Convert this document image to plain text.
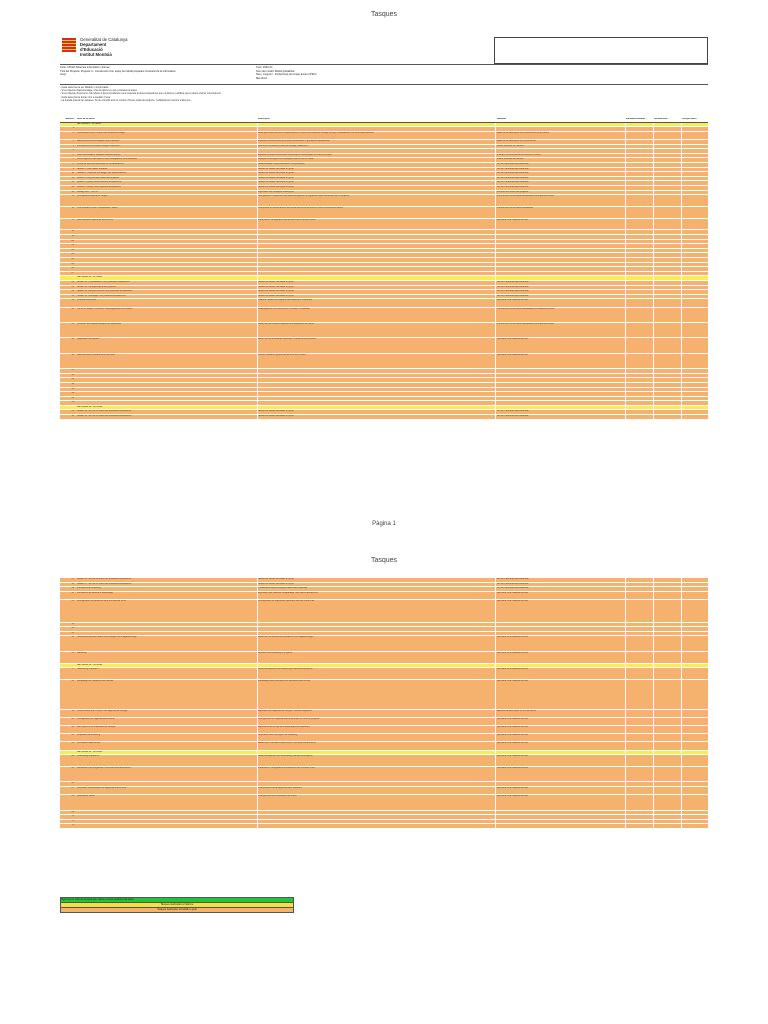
Tasques
Generalitat de Catalunya
Departament
d'Educació
Institut Montsiá
Cicle: CFGM Sistemes informàtics i Xarxes
Títol del Projecte: Projecte 4 - Construcció d'un equip de treball preparant l'evolució de la informàtica
Grup:
Curs: 2023-24
Nom del mòdul: Mòdul globalitzat
Nom, Cognom - Professor/a de l'equip docent (PEO)
Membres:
- Cada tasca ha de ser llistable i comprovable.
- Si és objectiu d'aprenentatge, s'ha d'explicar en què consisteix la tasca.
- Si és objectiu d'execució, cal indicar el tipus d'evidència i una resposta al desenvolupament que es farà per justificar que la tasca s'ha fet correctament.
- Cada tasca ha de donar com a resultat 1 hora.
- La durada total de les tasques, ha de coincidir amb el nombre d'hores totals del projecte, multiplicat pel nombre d'alumnes.
Número Nom de la tasca	Descripció	Resultat	Durada Estimada	Durada Real	Comprovació
SETMANA 8 - 16 hores
1
2 Comunicació amb l'entorn de treball de Google	Descripció dels elements disponibles en l'entorn de treball de Google (Gmail). Familiaritzar-nos amb aquesta eina	Elaborar la descripció en format tècnic de les eines
3 Identificació de les tasques dels individus	Explicació de les eines de treball col·laboratiu i què aporta cadascuna	Elaborar la descripció en format tècnic
4 Introducció al concepte Google Classroom	Aprendre a utilitzar el sistema Google Classroom	Lliurar a través de Moodle
5
6 Usos comunitaris, tasques i hàbits de grup	Explicar la relació entre usos comunitaris i dinàmiques de treball en grup	Indicar l'ús correcte de les eines en l'entorn
7 La configuració de cada un dels navegadors més habituals	Guia per a configurar un navegador per a l'ús en l'aula	Lliurar a través de Moodle
8 Provar la interfície personal en les aplicacions	Desenvolupar una presentació i una proposta	No se'n demana cap evidència
9 Sessió 1: Com saber treballar	Sessió de treball: activitats en grup	No se'n demana cap evidència
10 Sessió 2: Tasca de muntatge i les presentacions	Sessió de treball: activitats en grup	No se'n demana cap evidència
11 Sessió 3: Les primeres fases del projecte	Sessió de treball: activitats en grup	No se'n demana cap evidència
12 Sessió 4: Avenç i les possibles ampliacions	Sessió de treball: activitats en grup	No se'n demana cap evidència
13 Sessió 5: Avenç i les possibles ampliacions	Sessió de treball: activitats en grup	No se'n demana cap evidència
14 Assaig MBI / TCP/IP	Explicació del concepte d'adreça IP	Informe de l'avenç del projecte
15 Configuració bàsica de l'equip	Configuració i instal·lació del sistema operatiu i programari bàsic necessari per al projecte	Informe de la informació destacada una mateixa tècnica
16 Comprovació DNS i components "Bàsic"	Comprovar el funcionament del servei de noms de domini i dels components bàsics	Informe de la informació destacada
17 Administració bàsica de DNS Linux	Instal·lació i configuració del servei DNS en entorn Linux	Aportació una mateixa tècnica
18
19
20
21
22
23
24
25
26
27
SETMANA 11 - 16 hores
28 Sessió 10: Consolidació i les possibles ampliacions	Sessió de treball: activitats en grup	No se'n demana cap evidència
29 Sessió 11: Càrrega lògica del projecte	Sessió de treball: activitats en grup	No se'n demana cap evidència
30 Sessió 12: Revisió d'errors i les possibles ampliacions	Sessió de treball: activitats en grup	No se'n demana cap evidència
31 Sessió 13: Muntatge i les possibles ampliacions	Sessió de treball: activitats en grup	No se'n demana cap evidència
32 Pràctica Wireshark	Captura i anàlisi de paquets de xarxa amb Wireshark	Aportació una mateixa tècnica
33 Joc en el temps: Formació i desplegament d'un domini	Desplegament d'un domini en un entorn virtualitzat	Informe de la informació destacada una mateixa tècnica
34 Conèixer les característiques de dispositius	Estudi de les característiques dels dispositius de xarxa	Informe de la informació destacada una mateixa tècnica
35 Seguretat informàtica	Estudi de les amenaces habituals i mesures de protecció	Aportació una mateixa tècnica
36 Administració d'usuaris amb terminal	Gestió d'usuaris i grups des de la línia d'ordres	Aportació una mateixa tècnica
37
38
39
40
41
42
43
44
SETMANA 12 - 16 hores
45 Sessió 14: Joc de rol sobre les possibles ampliacions	Sessió de treball: activitats en grup	No se'n demana cap evidència
46 Sessió 15: Joc de rol sobre les possibles ampliacions	Sessió de treball: activitats en grup	No se'n demana cap evidència
Pàgina 1
Tasques
47 Sessió 16: Joc de rol sobre les possibles ampliacions	Sessió de treball: activitats en grup	No se'n demana cap evidència
48 Sessió 17: Joc de rol sobre les possibles ampliacions	Sessió de treball: activitats en grup	No se'n demana cap evidència
49 Introducció al modeling	Presentació dels conceptes bàsics del modeling	No se'n demana cap evidència
50 Introducció al sistema d'etiquetatge	Explicació del sistema d'etiquetatge i les seves aplicacions	Aportació una mateixa tècnica
51 Configuració de perifèrics amb terminal de Linux	Configuració de dispositius perifèrics des de la terminal	Aportació una mateixa tècnica
52
53
54
55 Tendències actuals quant a tecnologia d'emmagatzematge	Estudi de les tendències actuals en emmagatzematge	Aportació una mateixa tècnica
56 Modeling	Aplicació del modeling al projecte	Aportació una mateixa tècnica
SETMANA 13 - 16 hores
57 Scaffolding manual II	Desenvolupament del scaffolding manual del projecte	Aportació una mateixa tècnica
58 Modelatge de transferència d'arxius	Modelatge dels processos de transferència d'arxius	Aportació una mateixa tècnica
59 Comunicació amb l'entorn de l'agenda de Google	Explicació de l'agenda de Google i la seva integració	Elaborar la descripció en format tècnic
60 Configuració de l'agenda electrònica	Configuració de l'agenda electrònica per a l'ús en el projecte	Aportació una mateixa tècnica
61 Més opcions de l'calendari de Google	Exploració de les opcions avançades del calendari	Aportació una mateixa tècnica
62 Ampliació de Modeling	Ampliació dels continguts de modeling	Aportació una mateixa tècnica
63 Ordinadors Electrònics	Estudi dels ordinadors electrònics i els seus components	Aportació una mateixa tècnica
SETMANA 14 - 16 hores
64 Scaffolding manual III	Desenvolupament del scaffolding manual del projecte	Aportació una mateixa tècnica
65 Alineament de programes: GNOME Shell Extensions	Instal·lació i configuració d'extensions de GNOME Shell	Aportació una mateixa tècnica
66
67 Consulta i comprovació de seguretat electrònica	Comprovació de la seguretat dels sistemes	Aportació una mateixa tècnica
68 Dispositius xarxa	Configuració dels dispositius de xarxa	Aportació una mateixa tècnica
69
70
71
72
Aquest és el color de la tasca que indica el temps destinat a la tasca
Tasques destinades a l'alumne
Tasques destinades al treball en grup
